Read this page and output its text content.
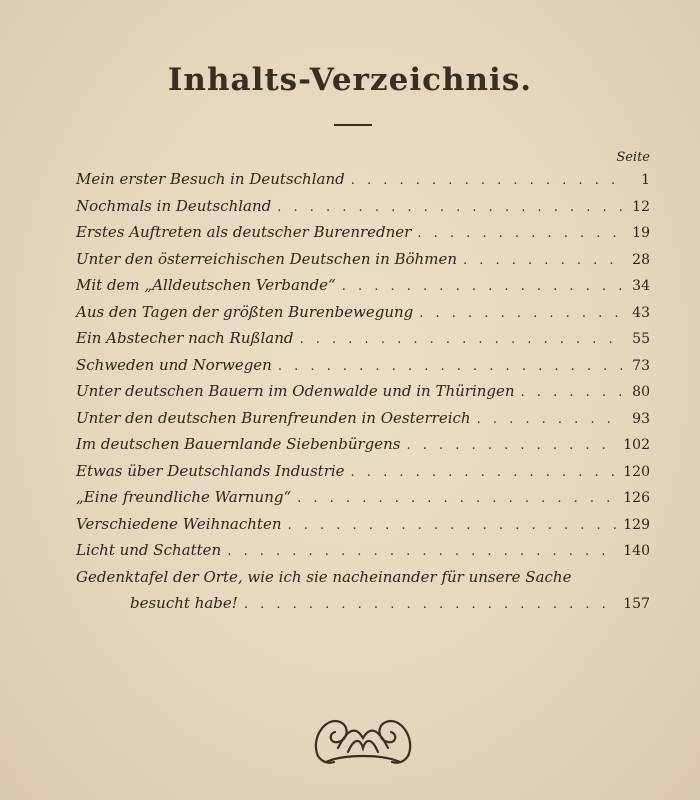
Inhalts-Verzeichnis.
Seite
Mein erster Besuch in Deutschland . . .	1
Nochmals in Deutschland . . .	12
Erstes Auftreten als deutscher Burenredner . . .	19
Unter den österreichischen Deutschen in Böhmen . . .	28
Mit dem „Alldeutschen Verbande“ . . .	34
Aus den Tagen der größten Burenbewegung . . .	43
Ein Abstecher nach Rußland . . .	55
Schweden und Norwegen . . .	73
Unter deutschen Bauern im Odenwalde und in Thüringen . . .	80
Unter den deutschen Burenfreunden in Oesterreich . . .	93
Im deutschen Bauernlande Siebenbürgens . . .	102
Etwas über Deutschlands Industrie . . .	120
„Eine freundliche Warnung“ . . .	126
Verschiedene Weihnachten . . .	129
Licht und Schatten . . .	140
Gedenktafel der Orte, wie ich sie nacheinander für unsere Sache
besucht habe! . . .	157
